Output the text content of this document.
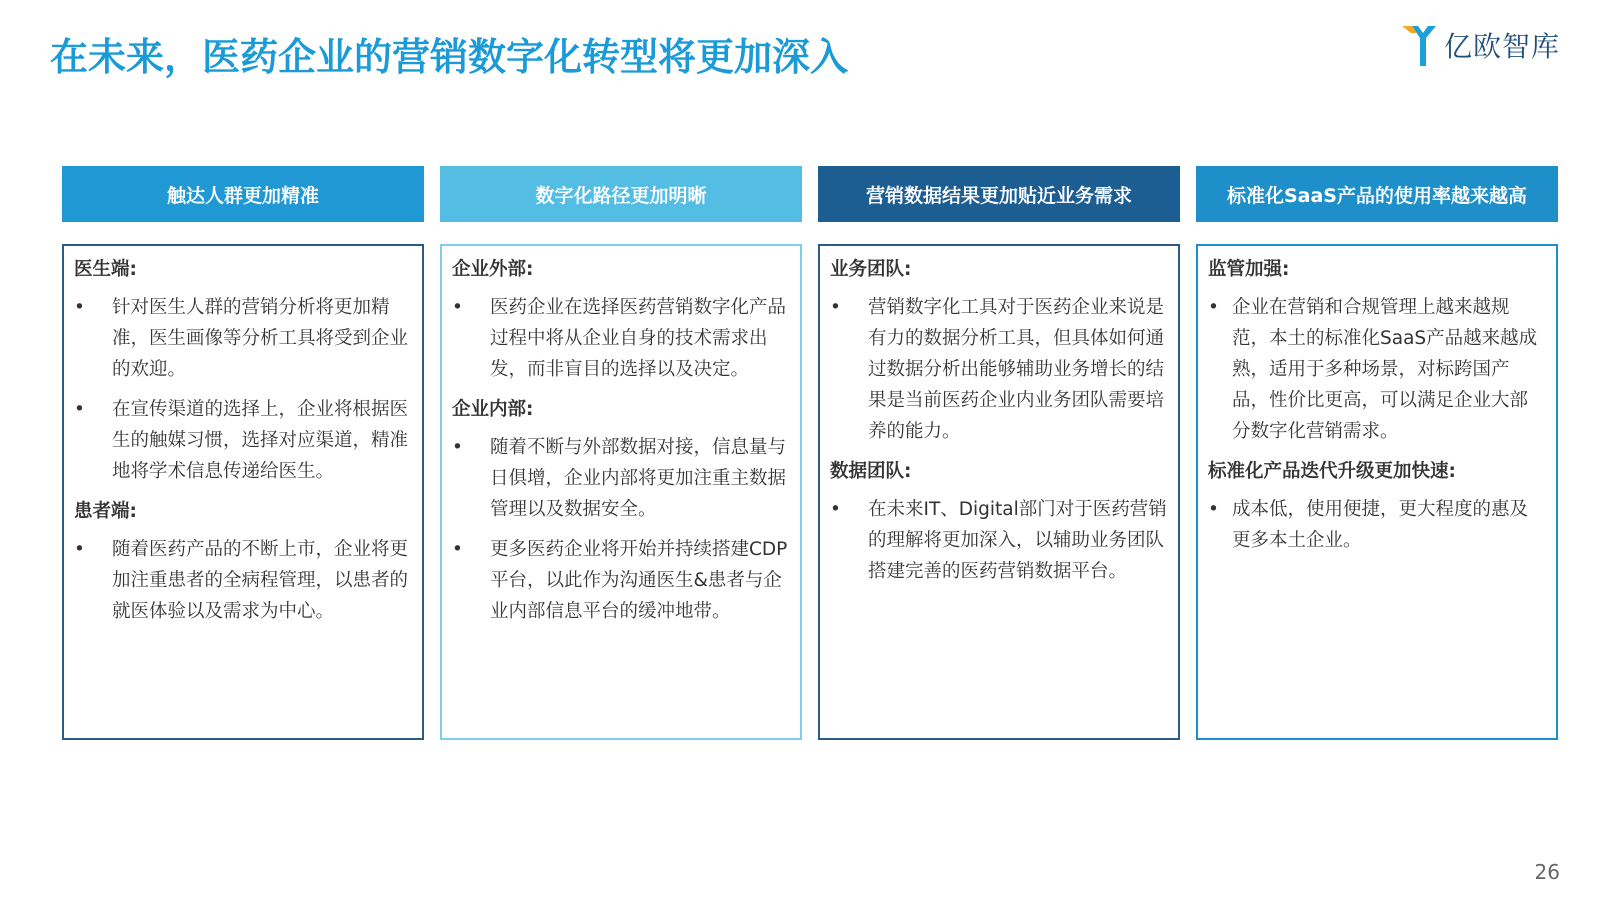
在未来，医药企业的营销数字化转型将更加深入	亿欧智库
触达人群更加精准
医生端:
•	针对医生人群的营销分析将更加精准，医生画像等分析工具将受到企业的欢迎。
•	在宣传渠道的选择上，企业将根据医生的触媒习惯，选择对应渠道，精准地将学术信息传递给医生。
患者端:
•	随着医药产品的不断上市，企业将更加注重患者的全病程管理，以患者的就医体验以及需求为中心。
数字化路径更加明晰
企业外部:
•	医药企业在选择医药营销数字化产品过程中将从企业自身的技术需求出发，而非盲目的选择以及决定。
企业内部:
•	随着不断与外部数据对接，信息量与日俱增，企业内部将更加注重主数据管理以及数据安全。
•	更多医药企业将开始并持续搭建CDP平台，以此作为沟通医生&患者与企业内部信息平台的缓冲地带。
营销数据结果更加贴近业务需求
业务团队:
•	营销数字化工具对于医药企业来说是有力的数据分析工具，但具体如何通过数据分析出能够辅助业务增长的结果是当前医药企业内业务团队需要培养的能力。
数据团队:
•	在未来IT、Digital部门对于医药营销的理解将更加深入，以辅助业务团队搭建完善的医药营销数据平台。
标准化SaaS产品的使用率越来越高
监管加强:
• 企业在营销和合规管理上越来越规范，本土的标准化SaaS产品越来越成熟，适用于多种场景，对标跨国产品，性价比更高，可以满足企业大部分数字化营销需求。
标准化产品迭代升级更加快速:
• 成本低，使用便捷，更大程度的惠及更多本土企业。
26
